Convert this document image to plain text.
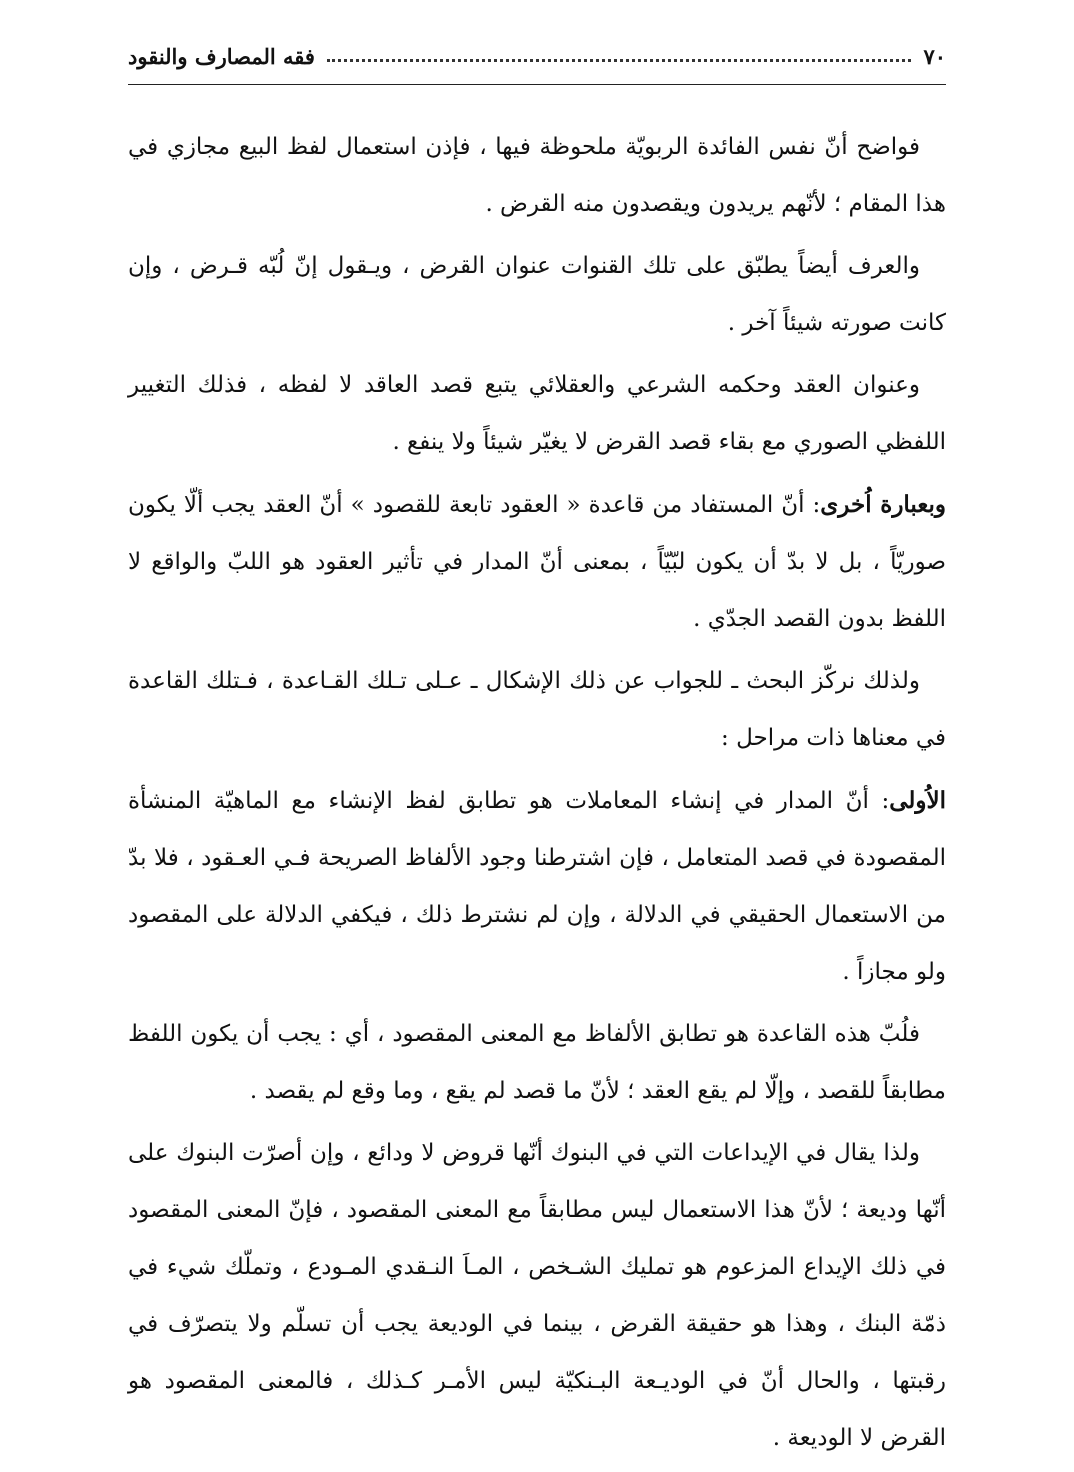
٧٠
فقه المصارف والنقود

فواضح أنّ نفس الفائدة الربويّة ملحوظة فيها ، فإذن استعمال لفظ البيع مجازي في هذا المقام ؛ لأنّهم يريدون ويقصدون منه القرض .

والعرف أيضاً يطبّق على تلك القنوات عنوان القرض ، ويـقول إنّ لُبّه قـرض ، وإن كانت صورته شيئاً آخر .

وعنوان العقد وحكمه الشرعي والعقلائي يتبع قصد العاقد لا لفظه ، فذلك التغيير اللفظي الصوري مع بقاء قصد القرض لا يغيّر شيئاً ولا ينفع .

وبعبارة اُخرى: أنّ المستفاد من قاعدة « العقود تابعة للقصود » أنّ العقد يجب ألّا يكون صوريّاً ، بل لا بدّ أن يكون لبّيّاً ، بمعنى أنّ المدار في تأثير العقود هو اللبّ والواقع لا اللفظ بدون القصد الجدّي .

ولذلك نركّز البحث ـ للجواب عن ذلك الإشكال ـ عـلى تـلك القـاعدة ، فـتلك القاعدة في معناها ذات مراحل :

الاُولى: أنّ المدار في إنشاء المعاملات هو تطابق لفظ الإنشاء مع الماهيّة المنشأة المقصودة في قصد المتعامل ، فإن اشترطنا وجود الألفاظ الصريحة فـي العـقود ، فلا بدّ من الاستعمال الحقيقي في الدلالة ، وإن لم نشترط ذلك ، فيكفي الدلالة على المقصود ولو مجازاً .

فلُبّ هذه القاعدة هو تطابق الألفاظ مع المعنى المقصود ، أي : يجب أن يكون اللفظ مطابقاً للقصد ، وإلّا لم يقع العقد ؛ لأنّ ما قصد لم يقع ، وما وقع لم يقصد .

ولذا يقال في الإيداعات التي في البنوك أنّها قروض لا ودائع ، وإن أصرّت البنوك على أنّها وديعة ؛ لأنّ هذا الاستعمال ليس مطابقاً مع المعنى المقصود ، فإنّ المعنى المقصود في ذلك الإيداع المزعوم هو تمليك الشـخص ، المـاَ النـقدي المـودع ، وتملّك شيء في ذمّة البنك ، وهذا هو حقيقة القرض ، بينما في الوديعة يجب أن تسلّم ولا يتصرّف في رقبتها ، والحال أنّ في الوديـعة البـنكيّة ليس الأمـر كـذلك ، فالمعنى المقصود هو القرض لا الوديعة .
